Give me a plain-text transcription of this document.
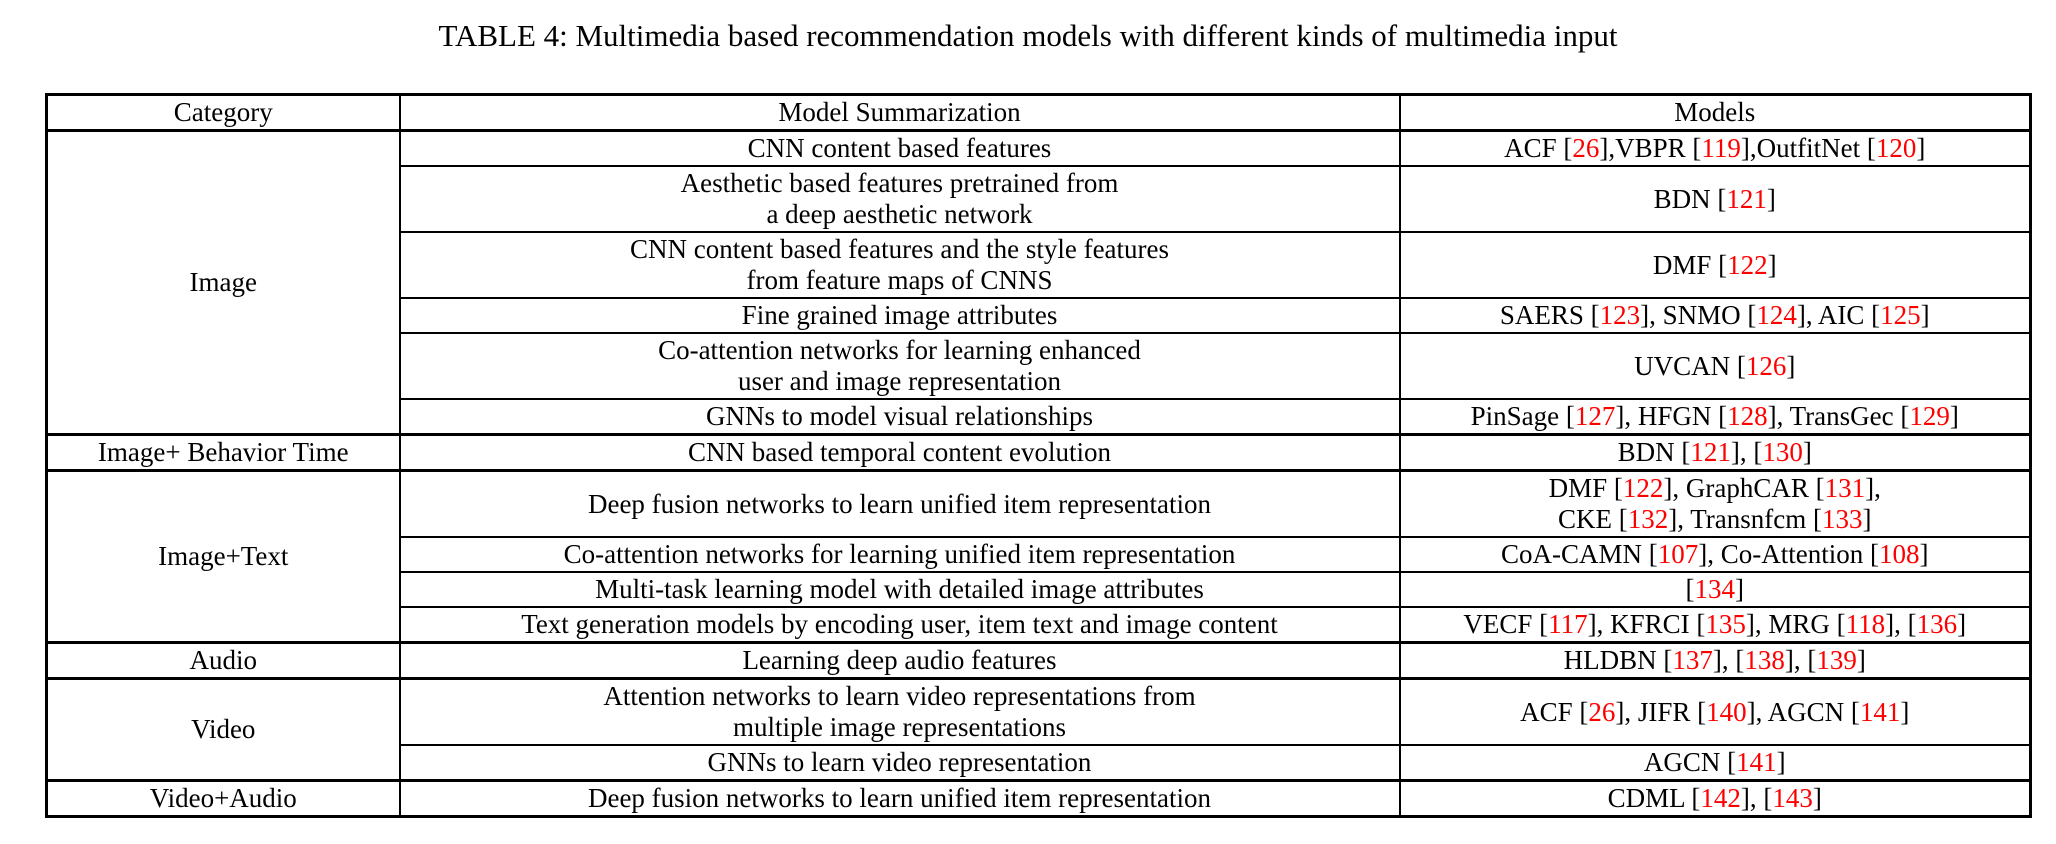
TABLE 4: Multimedia based recommendation models with different kinds of multimedia input
Category	Model Summarization	Models
Image	CNN content based features	ACF [26],VBPR [119],OutfitNet [120]
	Aesthetic based features pretrained from
a deep aesthetic network	BDN [121]
	CNN content based features and the style features
from feature maps of CNNS	DMF [122]
	Fine grained image attributes	SAERS [123], SNMO [124], AIC [125]
	Co-attention networks for learning enhanced
user and image representation	UVCAN [126]
	GNNs to model visual relationships	PinSage [127], HFGN [128], TransGec [129]
Image+ Behavior Time	CNN based temporal content evolution	BDN [121], [130]
Image+Text	Deep fusion networks to learn unified item representation	DMF [122], GraphCAR [131],
CKE [132], Transnfcm [133]
	Co-attention networks for learning unified item representation	CoA-CAMN [107], Co-Attention [108]
	Multi-task learning model with detailed image attributes	[134]
	Text generation models by encoding user, item text and image content	VECF [117], KFRCI [135], MRG [118], [136]
Audio	Learning deep audio features	HLDBN [137], [138], [139]
Video	Attention networks to learn video representations from
multiple image representations	ACF [26], JIFR [140], AGCN [141]
	GNNs to learn video representation	AGCN [141]
Video+Audio	Deep fusion networks to learn unified item representation	CDML [142], [143]
